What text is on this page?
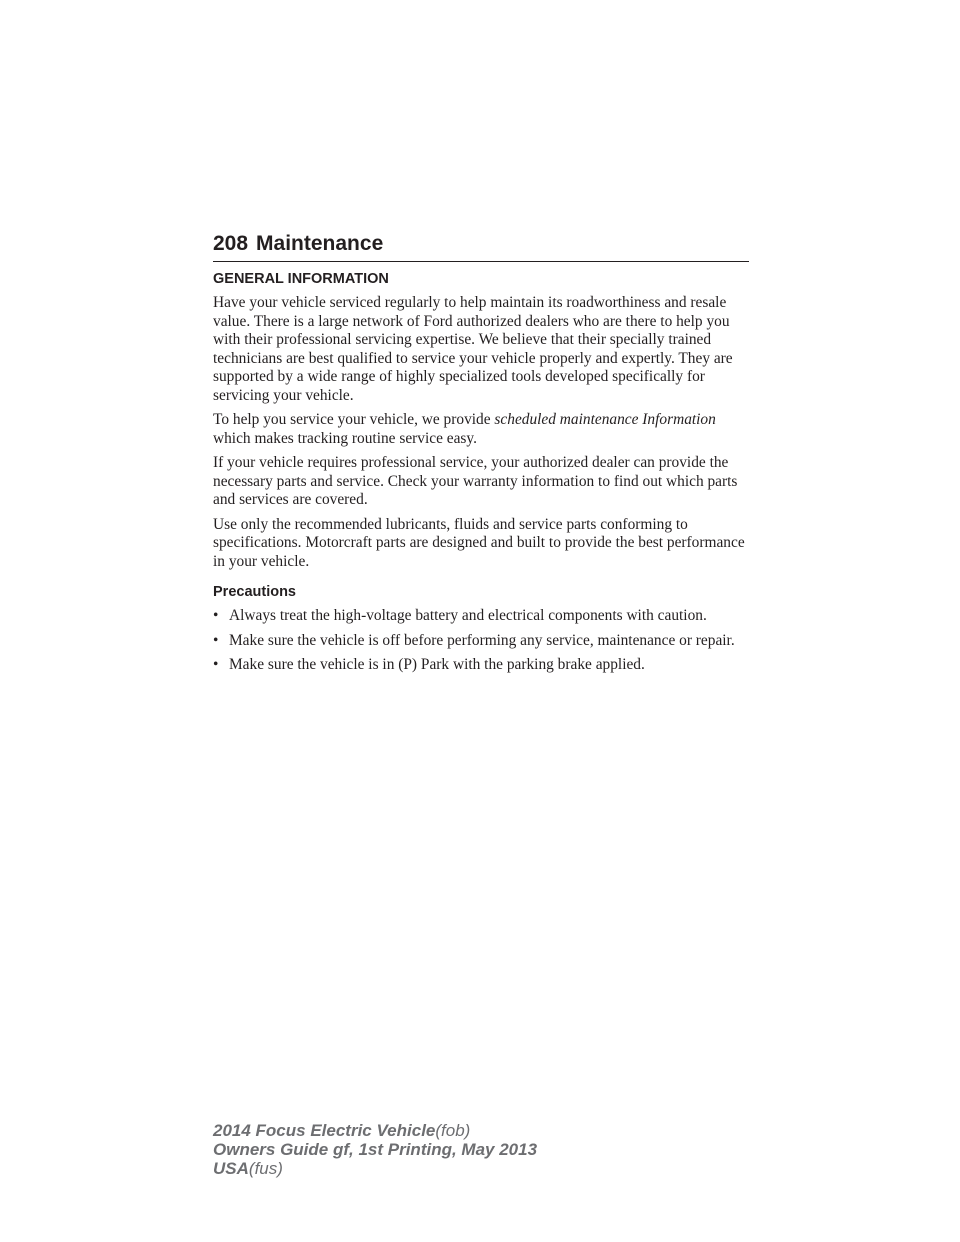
208 Maintenance
GENERAL INFORMATION

Have your vehicle serviced regularly to help maintain its roadworthiness and resale value. There is a large network of Ford authorized dealers who are there to help you with their professional servicing expertise. We believe that their specially trained technicians are best qualified to service your vehicle properly and expertly. They are supported by a wide range of highly specialized tools developed specifically for servicing your vehicle.

To help you service your vehicle, we provide scheduled maintenance Information which makes tracking routine service easy.

If your vehicle requires professional service, your authorized dealer can provide the necessary parts and service. Check your warranty information to find out which parts and services are covered.

Use only the recommended lubricants, fluids and service parts conforming to specifications. Motorcraft parts are designed and built to provide the best performance in your vehicle.

Precautions
• Always treat the high-voltage battery and electrical components with caution.
• Make sure the vehicle is off before performing any service, maintenance or repair.
• Make sure the vehicle is in (P) Park with the parking brake applied.
2014 Focus Electric Vehicle(fob)
Owners Guide gf, 1st Printing, May 2013
USA(fus)
